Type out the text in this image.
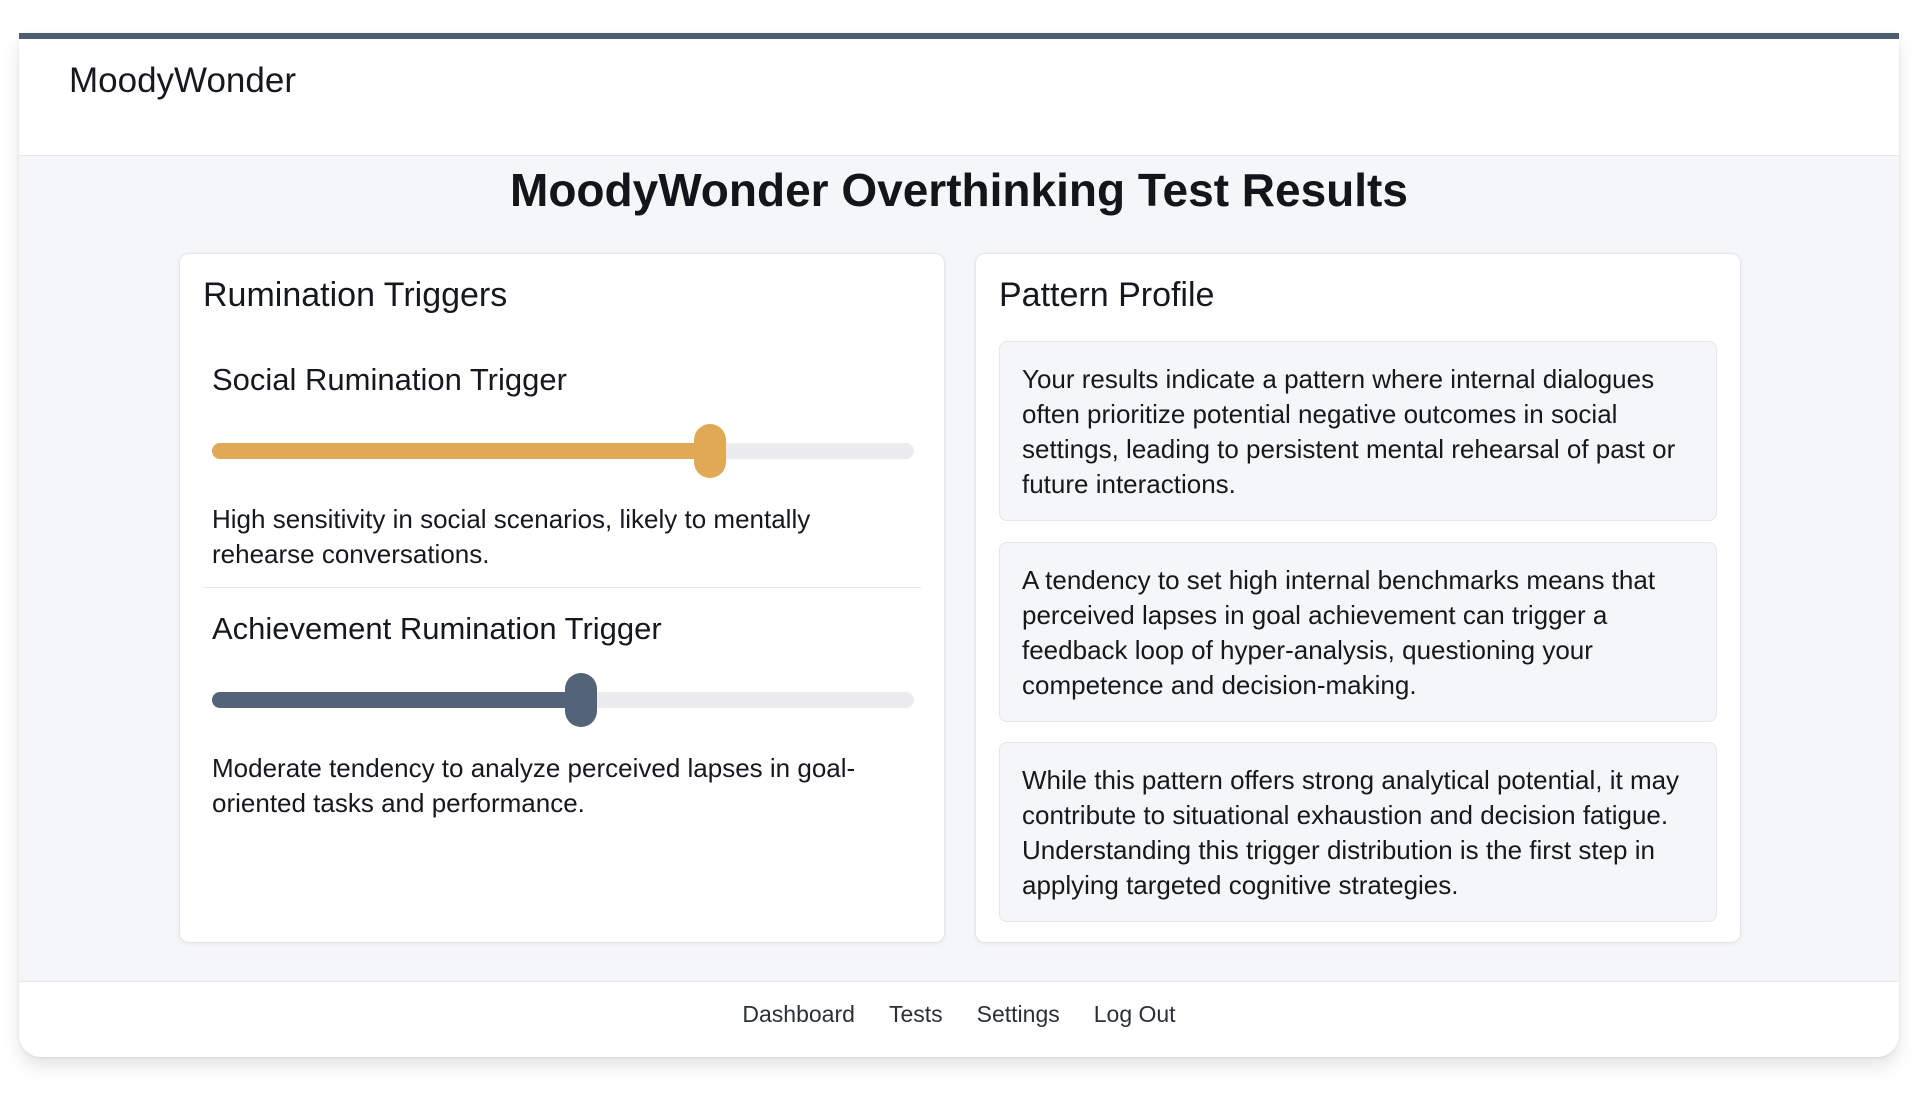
MoodyWonder
MoodyWonder Overthinking Test Results
Rumination Triggers
Social Rumination Trigger
High sensitivity in social scenarios, likely to mentally rehearse conversations.
Achievement Rumination Trigger
Moderate tendency to analyze perceived lapses in goal-oriented tasks and performance.
Pattern Profile
Your results indicate a pattern where internal dialogues often prioritize potential negative outcomes in social settings, leading to persistent mental rehearsal of past or future interactions.
A tendency to set high internal benchmarks means that perceived lapses in goal achievement can trigger a feedback loop of hyper-analysis, questioning your competence and decision-making.
While this pattern offers strong analytical potential, it may contribute to situational exhaustion and decision fatigue. Understanding this trigger distribution is the first step in applying targeted cognitive strategies.
Dashboard Tests Settings Log Out
